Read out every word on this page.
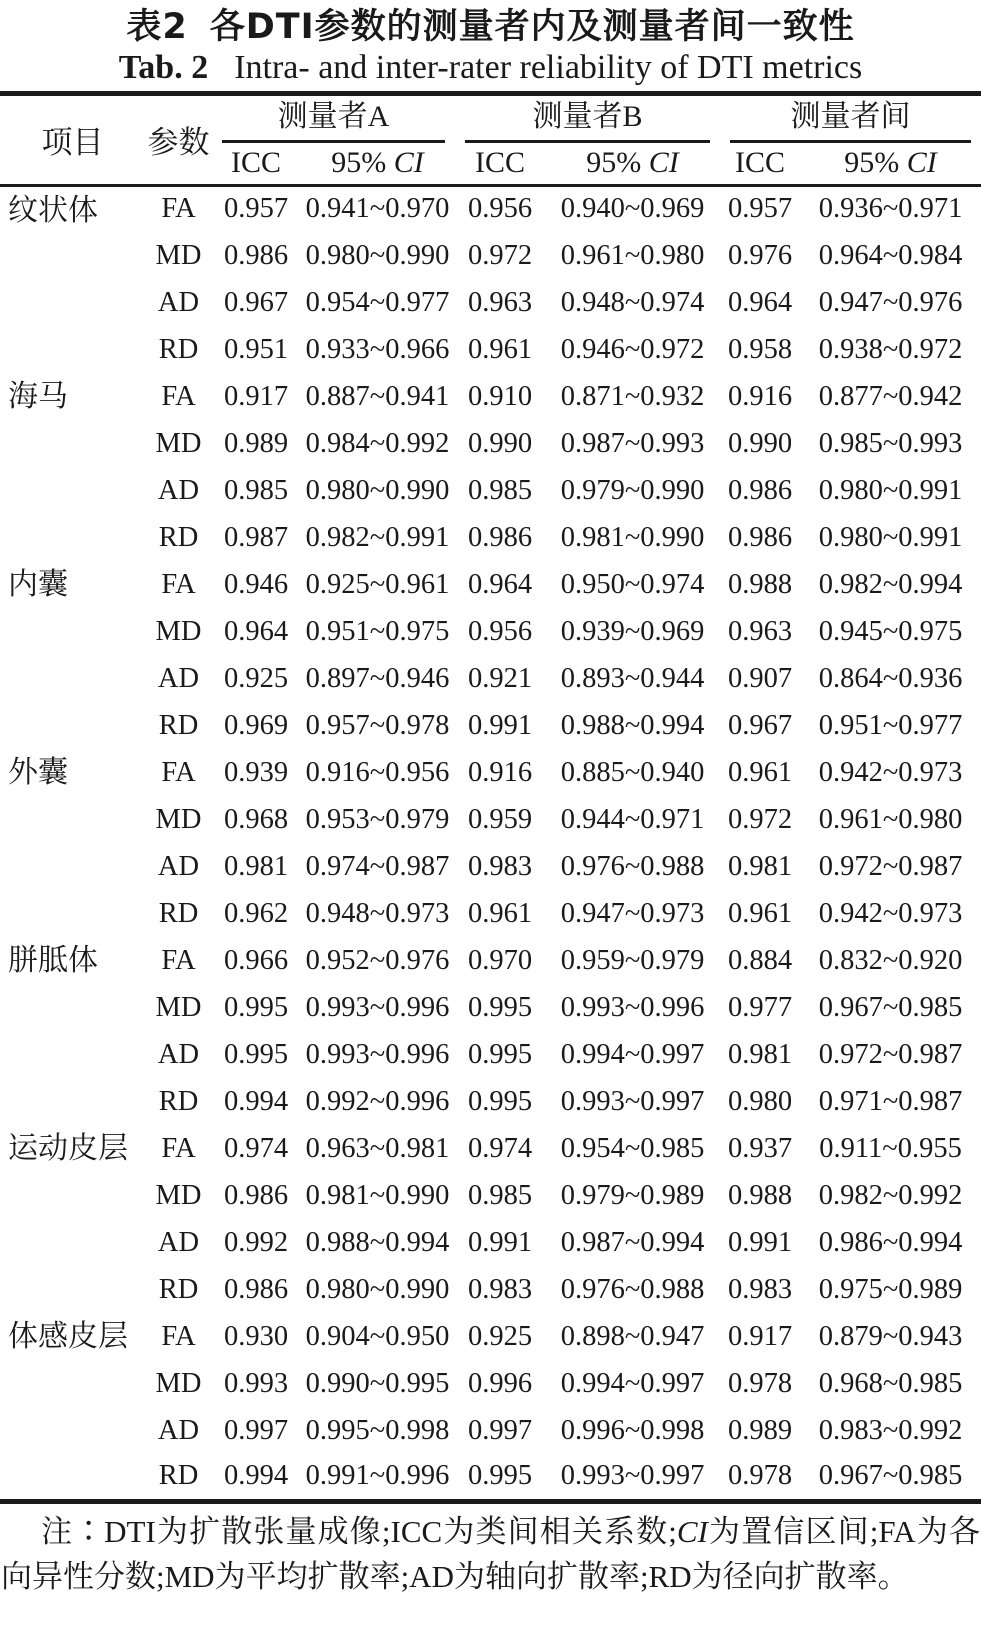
表2 各DTI参数的测量者内及测量者间一致性
Tab. 2 Intra- and inter-rater reliability of DTI metrics
项目	参数	测量者A		测量者B		测量者间	

		ICC	95% CI	ICC	95% CI	ICC	95% CI
纹状体	FA	0.957	0.941~0.970	0.956	0.940~0.969	0.957	0.936~0.971
	MD	0.986	0.980~0.990	0.972	0.961~0.980	0.976	0.964~0.984
	AD	0.967	0.954~0.977	0.963	0.948~0.974	0.964	0.947~0.976
	RD	0.951	0.933~0.966	0.961	0.946~0.972	0.958	0.938~0.972
海马	FA	0.917	0.887~0.941	0.910	0.871~0.932	0.916	0.877~0.942
	MD	0.989	0.984~0.992	0.990	0.987~0.993	0.990	0.985~0.993
	AD	0.985	0.980~0.990	0.985	0.979~0.990	0.986	0.980~0.991
	RD	0.987	0.982~0.991	0.986	0.981~0.990	0.986	0.980~0.991
内囊	FA	0.946	0.925~0.961	0.964	0.950~0.974	0.988	0.982~0.994
	MD	0.964	0.951~0.975	0.956	0.939~0.969	0.963	0.945~0.975
	AD	0.925	0.897~0.946	0.921	0.893~0.944	0.907	0.864~0.936
	RD	0.969	0.957~0.978	0.991	0.988~0.994	0.967	0.951~0.977
外囊	FA	0.939	0.916~0.956	0.916	0.885~0.940	0.961	0.942~0.973
	MD	0.968	0.953~0.979	0.959	0.944~0.971	0.972	0.961~0.980
	AD	0.981	0.974~0.987	0.983	0.976~0.988	0.981	0.972~0.987
	RD	0.962	0.948~0.973	0.961	0.947~0.973	0.961	0.942~0.973
胼胝体	FA	0.966	0.952~0.976	0.970	0.959~0.979	0.884	0.832~0.920
	MD	0.995	0.993~0.996	0.995	0.993~0.996	0.977	0.967~0.985
	AD	0.995	0.993~0.996	0.995	0.994~0.997	0.981	0.972~0.987
	RD	0.994	0.992~0.996	0.995	0.993~0.997	0.980	0.971~0.987
运动皮层	FA	0.974	0.963~0.981	0.974	0.954~0.985	0.937	0.911~0.955
	MD	0.986	0.981~0.990	0.985	0.979~0.989	0.988	0.982~0.992
	AD	0.992	0.988~0.994	0.991	0.987~0.994	0.991	0.986~0.994
	RD	0.986	0.980~0.990	0.983	0.976~0.988	0.983	0.975~0.989
体感皮层	FA	0.930	0.904~0.950	0.925	0.898~0.947	0.917	0.879~0.943
	MD	0.993	0.990~0.995	0.996	0.994~0.997	0.978	0.968~0.985
	AD	0.997	0.995~0.998	0.997	0.996~0.998	0.989	0.983~0.992
	RD	0.994	0.991~0.996	0.995	0.993~0.997	0.978	0.967~0.985
注∶DTI为扩散张量成像;ICC为类间相关系数;CI为置信区间;FA为各向异性分数;MD为平均扩散率;AD为轴向扩散率;RD为径向扩散率。
